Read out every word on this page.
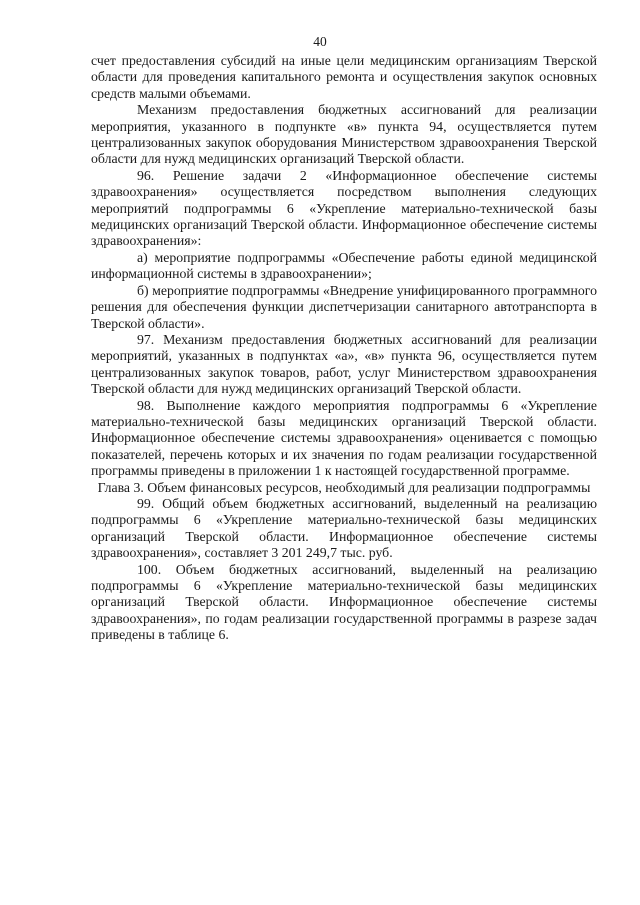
40

счет предоставления субсидий на иные цели медицинским организациям Тверской области для проведения капитального ремонта и осуществления закупок основных средств малыми объемами.

Механизм предоставления бюджетных ассигнований для реализации мероприятия, указанного в подпункте «в» пункта 94, осуществляется путем централизованных закупок оборудования Министерством здравоохранения Тверской области для нужд медицинских организаций Тверской области.

96. Решение задачи 2 «Информационное обеспечение системы здравоохранения» осуществляется посредством выполнения следующих мероприятий подпрограммы 6 «Укрепление материально-технической базы медицинских организаций Тверской области. Информационное обеспечение системы здравоохранения»:

а) мероприятие подпрограммы «Обеспечение работы единой медицинской информационной системы в здравоохранении»;

б) мероприятие подпрограммы «Внедрение унифицированного программного решения для обеспечения функции диспетчеризации санитарного автотранспорта в Тверской области».

97. Механизм предоставления бюджетных ассигнований для реализации мероприятий, указанных в подпунктах «а», «в» пункта 96, осуществляется путем централизованных закупок товаров, работ, услуг Министерством здравоохранения Тверской области для нужд медицинских организаций Тверской области.

98. Выполнение каждого мероприятия подпрограммы 6 «Укрепление материально-технической базы медицинских организаций Тверской области. Информационное обеспечение системы здравоохранения» оценивается с помощью показателей, перечень которых и их значения по годам реализации государственной программы приведены в приложении 1 к настоящей государственной программе.

Глава 3. Объем финансовых ресурсов, необходимый для реализации подпрограммы

99. Общий объем бюджетных ассигнований, выделенный на реализацию подпрограммы 6 «Укрепление материально-технической базы медицинских организаций Тверской области. Информационное обеспечение системы здравоохранения», составляет 3 201 249,7 тыс. руб.

100. Объем бюджетных ассигнований, выделенный на реализацию подпрограммы 6 «Укрепление материально-технической базы медицинских организаций Тверской области. Информационное обеспечение системы здравоохранения», по годам реализации государственной программы в разрезе задач приведены в таблице 6.
